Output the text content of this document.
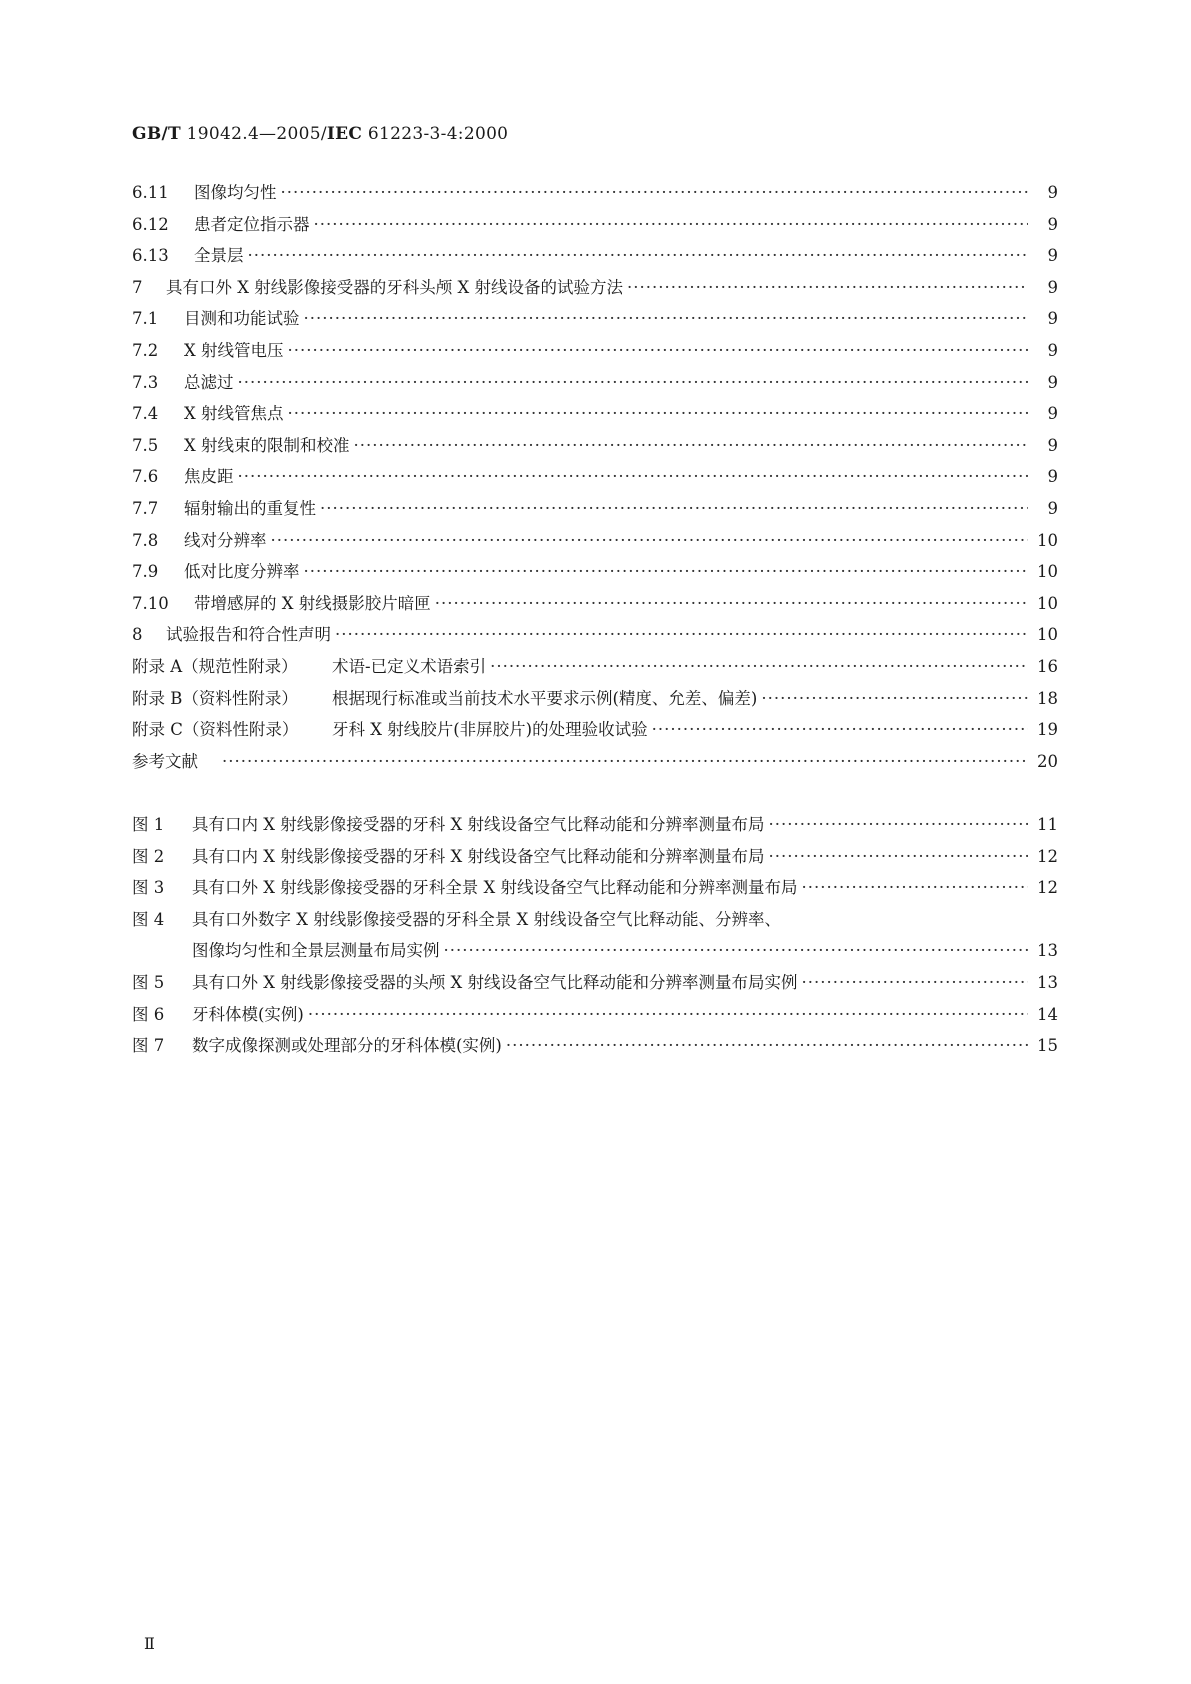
GB/T 19042.4—2005/IEC 61223-3-4:2000
6.11	图像均匀性 ·····	9
6.12	患者定位指示器 ·····	9
6.13	全景层 ·····	9
7	具有口外 X 射线影像接受器的牙科头颅 X 射线设备的试验方法 ·····	9
7.1	目测和功能试验 ·····	9
7.2	X 射线管电压 ·····	9
7.3	总滤过 ·····	9
7.4	X 射线管焦点 ·····	9
7.5	X 射线束的限制和校准 ·····	9
7.6	焦皮距 ·····	9
7.7	辐射输出的重复性 ·····	9
7.8	线对分辨率 ·····	10
7.9	低对比度分辨率 ·····	10
7.10	带增感屏的 X 射线摄影胶片暗匣 ·····	10
8	试验报告和符合性声明 ·····	10
附录 A（规范性附录）	术语-已定义术语索引 ·····	16
附录 B（资料性附录）	根据现行标准或当前技术水平要求示例(精度、允差、偏差) ·····	18
附录 C（资料性附录）	牙科 X 射线胶片(非屏胶片)的处理验收试验 ·····	19
参考文献 ·····	20
图 1	具有口内 X 射线影像接受器的牙科 X 射线设备空气比释动能和分辨率测量布局 ·····	11
图 2	具有口内 X 射线影像接受器的牙科 X 射线设备空气比释动能和分辨率测量布局 ·····	12
图 3	具有口外 X 射线影像接受器的牙科全景 X 射线设备空气比释动能和分辨率测量布局 ·····	12
图 4	具有口外数字 X 射线影像接受器的牙科全景 X 射线设备空气比释动能、分辨率、
图像均匀性和全景层测量布局实例 ·····	13
图 5	具有口外 X 射线影像接受器的头颅 X 射线设备空气比释动能和分辨率测量布局实例 ·····	13
图 6	牙科体模(实例) ·····	14
图 7	数字成像探测或处理部分的牙科体模(实例) ·····	15
Ⅱ
